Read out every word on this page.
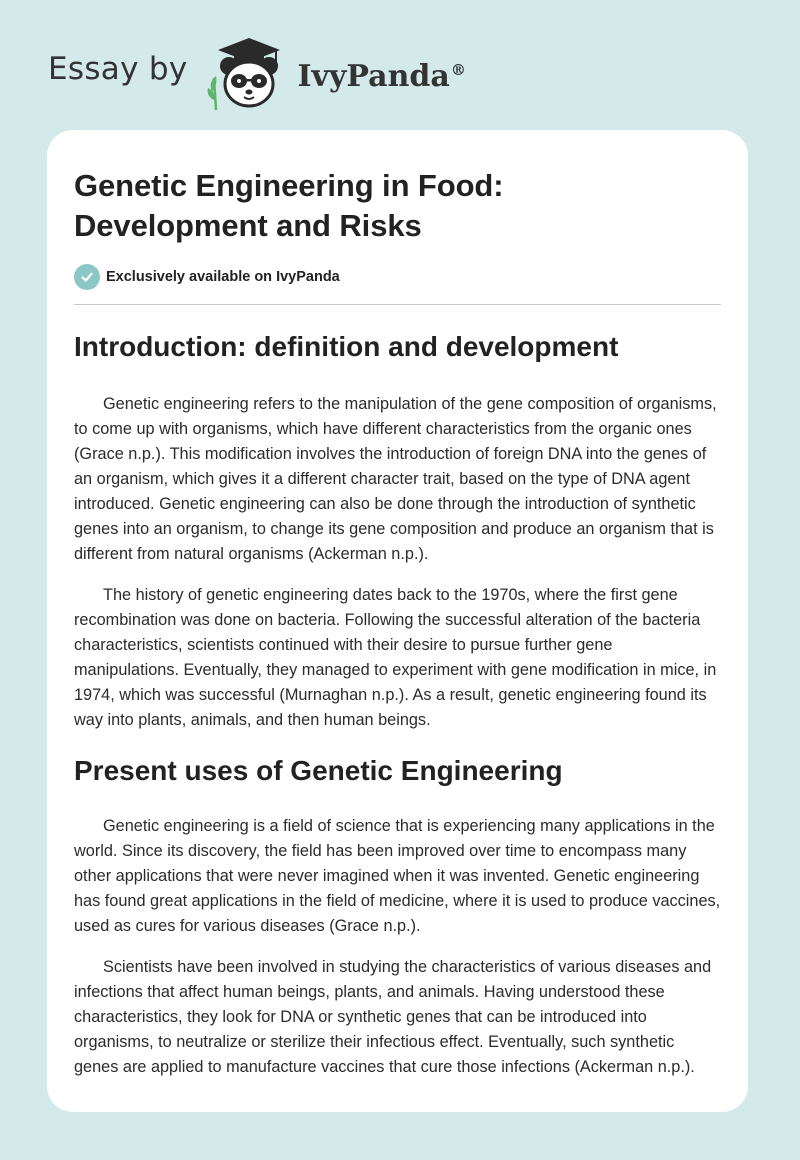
Essay by	IvyPanda®
Genetic Engineering in Food:
Development and Risks
Exclusively available on IvyPanda
Introduction: definition and development

Genetic engineering refers to the manipulation of the gene composition of organisms, to come up with organisms, which have different characteristics from the organic ones (Grace n.p.). This modification involves the introduction of foreign DNA into the genes of an organism, which gives it a different character trait, based on the type of DNA agent introduced. Genetic engineering can also be done through the introduction of synthetic genes into an organism, to change its gene composition and produce an organism that is different from natural organisms (Ackerman n.p.).

The history of genetic engineering dates back to the 1970s, where the first gene recombination was done on bacteria. Following the successful alteration of the bacteria characteristics, scientists continued with their desire to pursue further gene manipulations. Eventually, they managed to experiment with gene modification in mice, in 1974, which was successful (Murnaghan n.p.). As a result, genetic engineering found its way into plants, animals, and then human beings.

Present uses of Genetic Engineering

Genetic engineering is a field of science that is experiencing many applications in the world. Since its discovery, the field has been improved over time to encompass many other applications that were never imagined when it was invented. Genetic engineering has found great applications in the field of medicine, where it is used to produce vaccines, used as cures for various diseases (Grace n.p.).

Scientists have been involved in studying the characteristics of various diseases and infections that affect human beings, plants, and animals. Having understood these characteristics, they look for DNA or synthetic genes that can be introduced into organisms, to neutralize or sterilize their infectious effect. Eventually, such synthetic genes are applied to manufacture vaccines that cure those infections (Ackerman n.p.).
